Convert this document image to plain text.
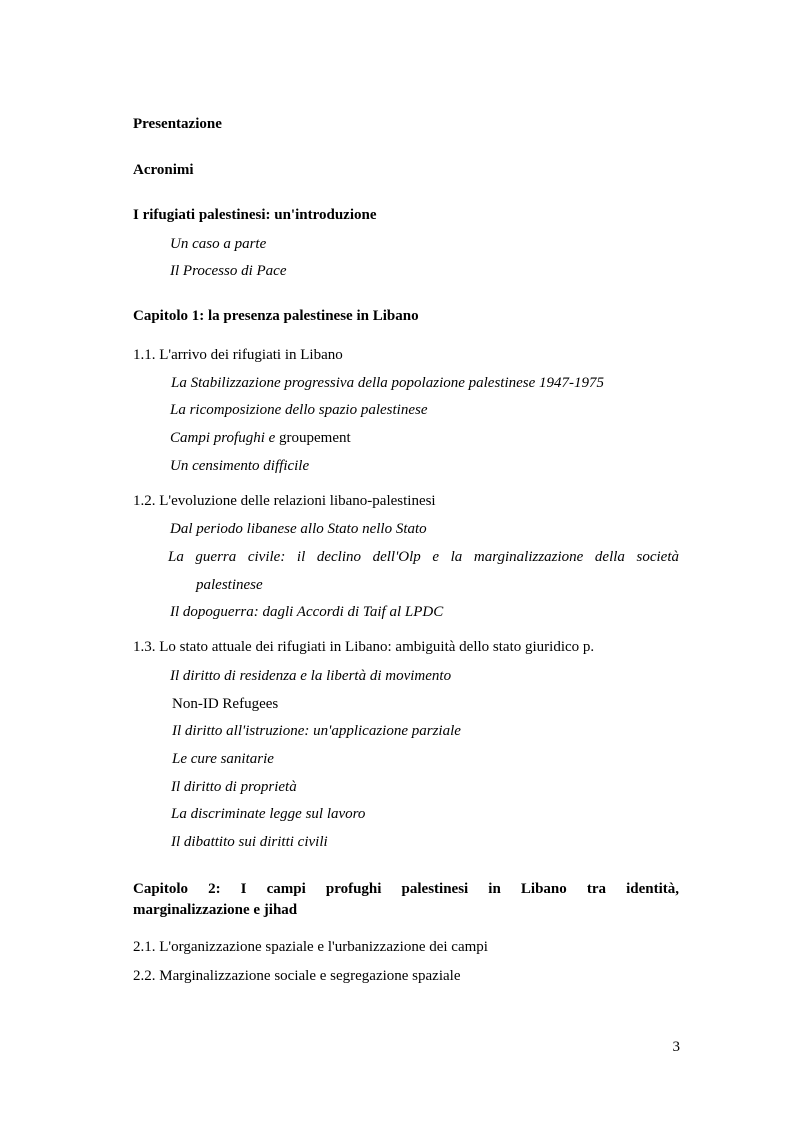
Presentazione
Acronimi
I rifugiati palestinesi: un'introduzione
Un caso a parte
Il Processo di Pace
Capitolo 1: la presenza palestinese in Libano
1.1. L'arrivo dei rifugiati in Libano
La Stabilizzazione progressiva della popolazione palestinese 1947-1975
La ricomposizione dello spazio palestinese
Campi profughi e groupement
Un censimento difficile
1.2. L'evoluzione delle relazioni libano-palestinesi
Dal periodo libanese allo Stato nello Stato
La guerra civile: il declino dell'Olp e la marginalizzazione della società
palestinese
Il dopoguerra: dagli Accordi di Taif al LPDC
1.3. Lo stato attuale dei rifugiati in Libano: ambiguità dello stato giuridico p.
Il diritto di residenza e la libertà di movimento
Non-ID Refugees
Il diritto all'istruzione: un'applicazione parziale
Le cure sanitarie
Il diritto di proprietà
La discriminate legge sul lavoro
Il dibattito sui diritti civili
Capitolo 2: I campi profughi palestinesi in Libano tra identità,
marginalizzazione e jihad
2.1. L'organizzazione spaziale e l'urbanizzazione dei campi
2.2. Marginalizzazione sociale e segregazione spaziale
3
